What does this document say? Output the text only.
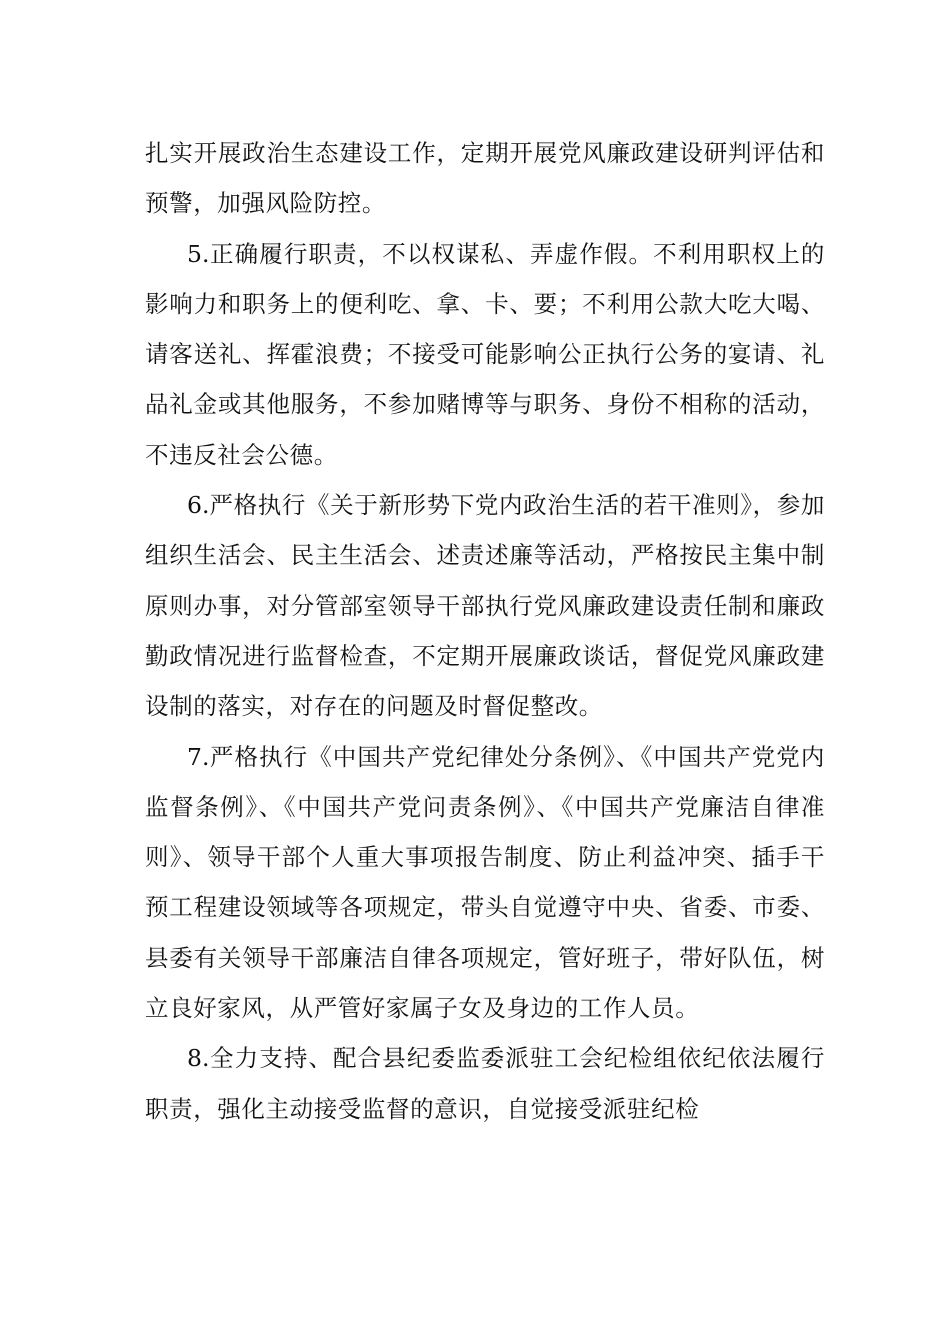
扎实开展政治生态建设工作，定期开展党风廉政建设研判评估和预警，加强风险防控。

5.正确履行职责，不以权谋私、弄虚作假。不利用职权上的影响力和职务上的便利吃、拿、卡、要；不利用公款大吃大喝、请客送礼、挥霍浪费；不接受可能影响公正执行公务的宴请、礼品礼金或其他服务，不参加赌博等与职务、身份不相称的活动，不违反社会公德。

6.严格执行《关于新形势下党内政治生活的若干准则》，参加组织生活会、民主生活会、述责述廉等活动，严格按民主集中制原则办事，对分管部室领导干部执行党风廉政建设责任制和廉政勤政情况进行监督检查，不定期开展廉政谈话，督促党风廉政建设制的落实，对存在的问题及时督促整改。

7.严格执行《中国共产党纪律处分条例》、《中国共产党党内监督条例》、《中国共产党问责条例》、《中国共产党廉洁自律准则》、领导干部个人重大事项报告制度、防止利益冲突、插手干预工程建设领域等各项规定，带头自觉遵守中央、省委、市委、县委有关领导干部廉洁自律各项规定，管好班子，带好队伍，树立良好家风，从严管好家属子女及身边的工作人员。

8.全力支持、配合县纪委监委派驻工会纪检组依纪依法履行职责，强化主动接受监督的意识，自觉接受派驻纪检
